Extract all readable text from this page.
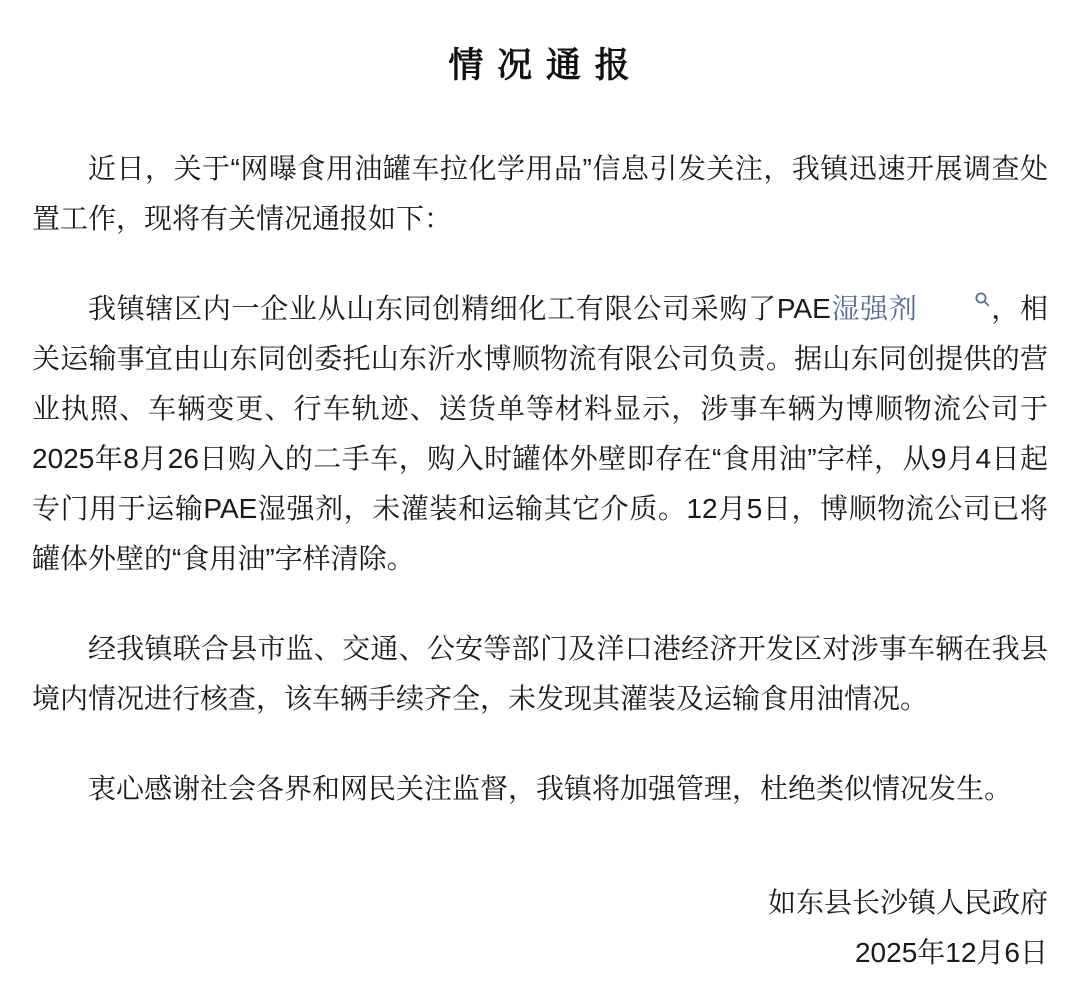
情 况 通 报

近日，关于“网曝食用油罐车拉化学用品”信息引发关注，我镇迅速开展调查处置工作，现将有关情况通报如下：

我镇辖区内一企业从山东同创精细化工有限公司采购了PAE湿强剂	，相关运输事宜由山东同创委托山东沂水博顺物流有限公司负责。据山东同创提供的营业执照、车辆变更、行车轨迹、送货单等材料显示，涉事车辆为博顺物流公司于2025年8月26日购入的二手车，购入时罐体外壁即存在“食用油”字样，从9月4日起专门用于运输PAE湿强剂，未灌装和运输其它介质。12月5日，博顺物流公司已将罐体外壁的“食用油”字样清除。

经我镇联合县市监、交通、公安等部门及洋口港经济开发区对涉事车辆在我县境内情况进行核查，该车辆手续齐全，未发现其灌装及运输食用油情况。

衷心感谢社会各界和网民关注监督，我镇将加强管理，杜绝类似情况发生。

如东县长沙镇人民政府
2025年12月6日
